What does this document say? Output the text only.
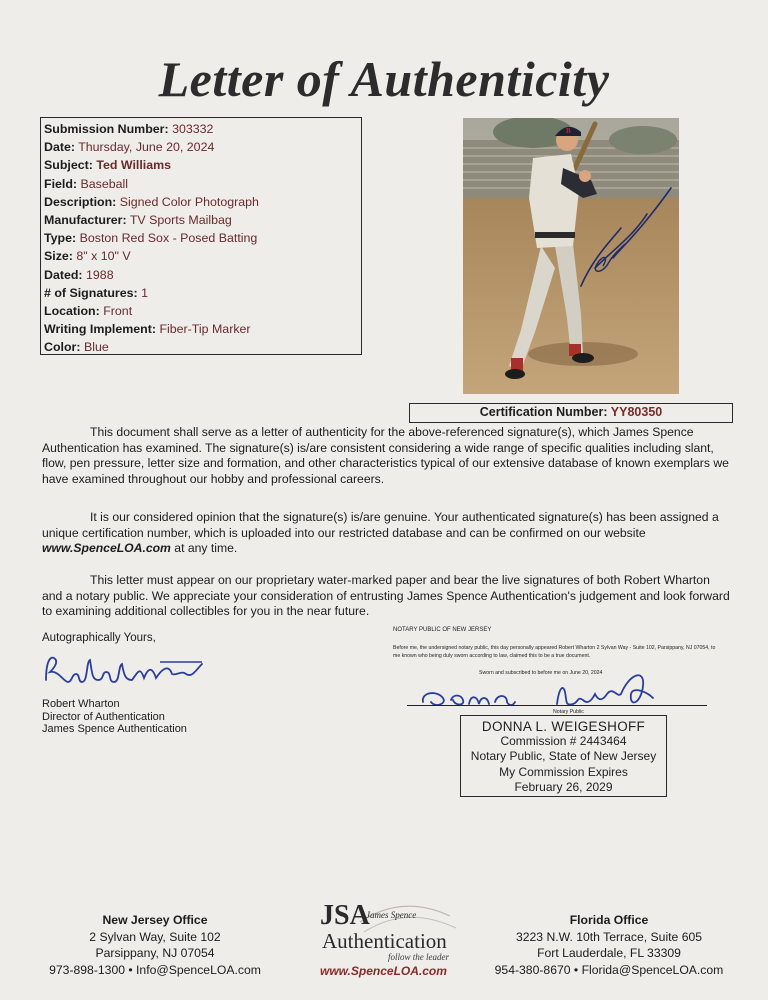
Letter of Authenticity
Submission Number: 303332
Date: Thursday, June 20, 2024
Subject: Ted Williams
Field: Baseball
Description: Signed Color Photograph
Manufacturer: TV Sports Mailbag
Type: Boston Red Sox - Posed Batting
Size: 8" x 10" V
Dated: 1988
# of Signatures: 1
Location: Front
Writing Implement: Fiber-Tip Marker
Color: Blue
B
Certification Number: YY80350
This document shall serve as a letter of authenticity for the above-referenced signature(s), which James Spence Authentication has examined. The signature(s) is/are consistent considering a wide range of specific qualities including slant, flow, pen pressure, letter size and formation, and other characteristics typical of our extensive database of known exemplars we have examined throughout our hobby and professional careers.
It is our considered opinion that the signature(s) is/are genuine. Your authenticated signature(s) has been assigned a unique certification number, which is uploaded into our restricted database and can be confirmed on our website www.SpenceLOA.com at any time.
This letter must appear on our proprietary water-marked paper and bear the live signatures of both Robert Wharton and a notary public. We appreciate your consideration of entrusting James Spence Authentication's judgement and look forward to examining additional collectibles for you in the near future.
Autographically Yours,
Robert Wharton
Director of Authentication
James Spence Authentication
NOTARY PUBLIC OF NEW JERSEY
Before me, the undersigned notary public, this day personally appeared Robert Wharton 2 Sylvan Way - Suite 102, Parsippany, NJ 07054, to me known who being duly sworn according to law, claimed this to be a true document.
Sworn and subscribed to before me on June 20, 2024
Notary Public
DONNA L. WEIGESHOFF
Commission # 2443464
Notary Public, State of New Jersey
My Commission Expires
February 26, 2029
New Jersey Office
2 Sylvan Way, Suite 102
Parsippany, NJ 07054
973-898-1300 • Info@SpenceLOA.com
JSA
James Spence
Authentication
follow the leader
www.SpenceLOA.com
Florida Office
3223 N.W. 10th Terrace, Suite 605
Fort Lauderdale, FL 33309
954-380-8670 • Florida@SpenceLOA.com
